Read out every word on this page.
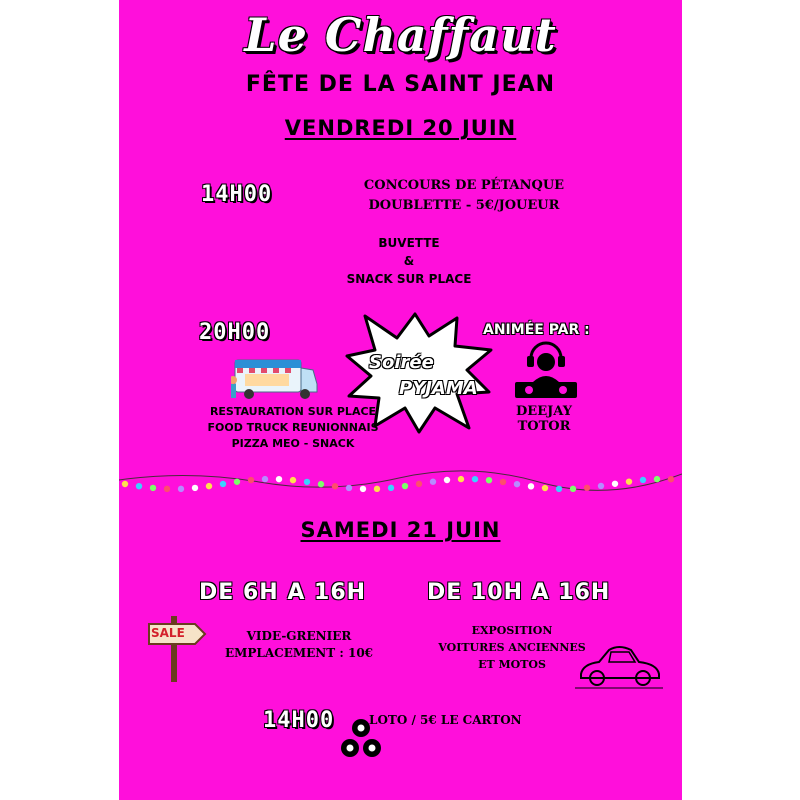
Le Chaffaut
FÊTE DE LA SAINT JEAN
VENDREDI 20 JUIN
14H00	CONCOURS DE PÉTANQUE
DOUBLETTE - 5€/JOUEUR
BUVETTE
&
SNACK SUR PLACE
20H00
RESTAURATION SUR PLACE
FOOD TRUCK REUNIONNAIS
PIZZA MEO - SNACK
Soirée
PYJAMA
ANIMÉE PAR :
DEEJAY
TOTOR
SAMEDI 21 JUIN
DE 6H A 16H	DE 10H A 16H
SALE	VIDE-GRENIER
EMPLACEMENT : 10€
EXPOSITION
VOITURES ANCIENNES
ET MOTOS
14H00	LOTO / 5€ LE CARTON
